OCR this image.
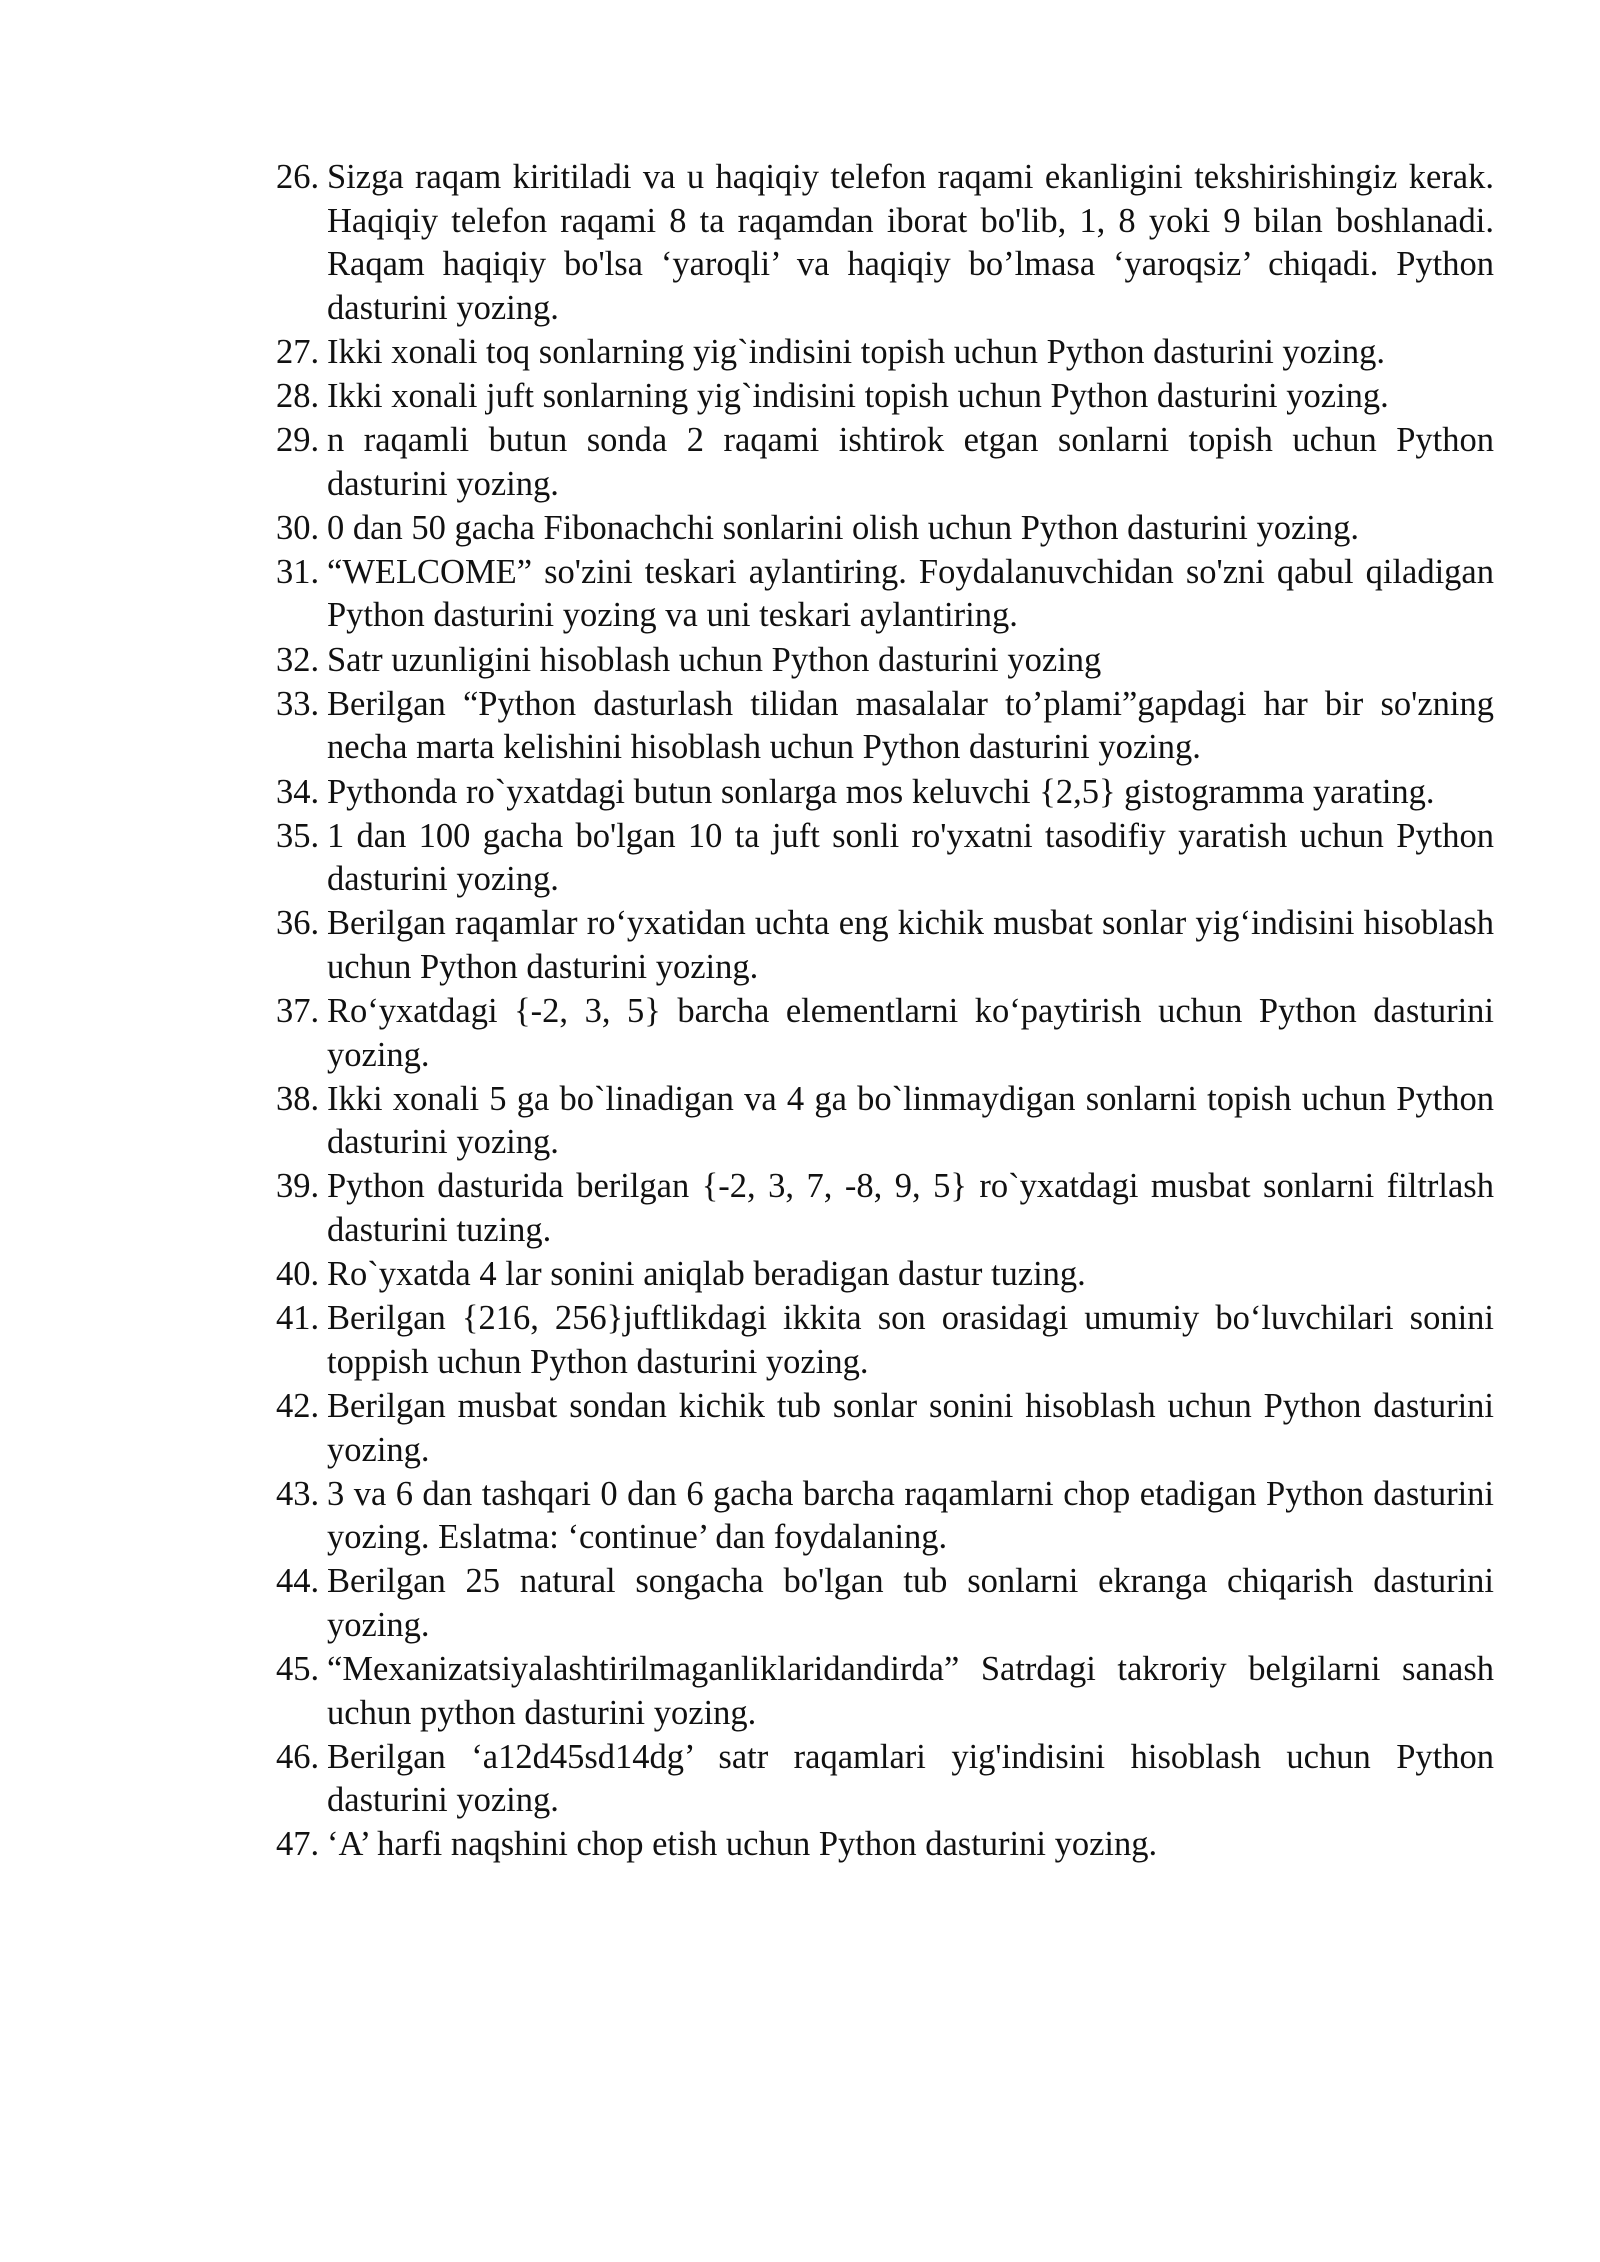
26. Sizga raqam kiritiladi va u haqiqiy telefon raqami ekanligini tekshirishingiz kerak. Haqiqiy telefon raqami 8 ta raqamdan iborat bo'lib, 1, 8 yoki 9 bilan boshlanadi. Raqam haqiqiy bo'lsa ‘yaroqli’ va haqiqiy bo’lmasa ‘yaroqsiz’ chiqadi. Python dasturini yozing.
27. Ikki xonali toq sonlarning yig`indisini topish uchun Python dasturini yozing.
28. Ikki xonali juft sonlarning yig`indisini topish uchun Python dasturini yozing.
29. n raqamli butun sonda 2 raqami ishtirok etgan sonlarni topish uchun Python dasturini yozing.
30. 0 dan 50 gacha Fibonachchi sonlarini olish uchun Python dasturini yozing.
31. “WELCOME” so'zini teskari aylantiring. Foydalanuvchidan so'zni qabul qiladigan Python dasturini yozing va uni teskari aylantiring.
32. Satr uzunligini hisoblash uchun Python dasturini yozing
33. Berilgan “Python dasturlash tilidan masalalar to’plami”gapdagi har bir so'zning necha marta kelishini hisoblash uchun Python dasturini yozing.
34. Pythonda ro`yxatdagi butun sonlarga mos keluvchi {2,5} gistogramma yarating.
35. 1 dan 100 gacha bo'lgan 10 ta juft sonli ro'yxatni tasodifiy yaratish uchun Python dasturini yozing.
36. Berilgan raqamlar ro‘yxatidan uchta eng kichik musbat sonlar yig‘indisini hisoblash uchun Python dasturini yozing.
37. Ro‘yxatdagi {-2, 3, 5} barcha elementlarni ko‘paytirish uchun Python dasturini yozing.
38. Ikki xonali 5 ga bo`linadigan va 4 ga bo`linmaydigan sonlarni topish uchun Python dasturini yozing.
39. Python dasturida berilgan {-2, 3, 7, -8, 9, 5} ro`yxatdagi musbat sonlarni filtrlash dasturini tuzing.
40. Ro`yxatda 4 lar sonini aniqlab beradigan dastur tuzing.
41. Berilgan {216, 256}juftlikdagi ikkita son orasidagi umumiy bo‘luvchilari sonini toppish uchun Python dasturini yozing.
42. Berilgan musbat sondan kichik tub sonlar sonini hisoblash uchun Python dasturini yozing.
43. 3 va 6 dan tashqari 0 dan 6 gacha barcha raqamlarni chop etadigan Python dasturini yozing. Eslatma: ‘continue’ dan foydalaning.
44. Berilgan 25 natural songacha bo'lgan tub sonlarni ekranga chiqarish dasturini yozing.
45. “Mexanizatsiyalashtirilmaganliklaridandirda” Satrdagi takroriy belgilarni sanash uchun python dasturini yozing.
46. Berilgan ‘a12d45sd14dg’ satr raqamlari yig'indisini hisoblash uchun Python dasturini yozing.
47. ‘A’ harfi naqshini chop etish uchun Python dasturini yozing.
